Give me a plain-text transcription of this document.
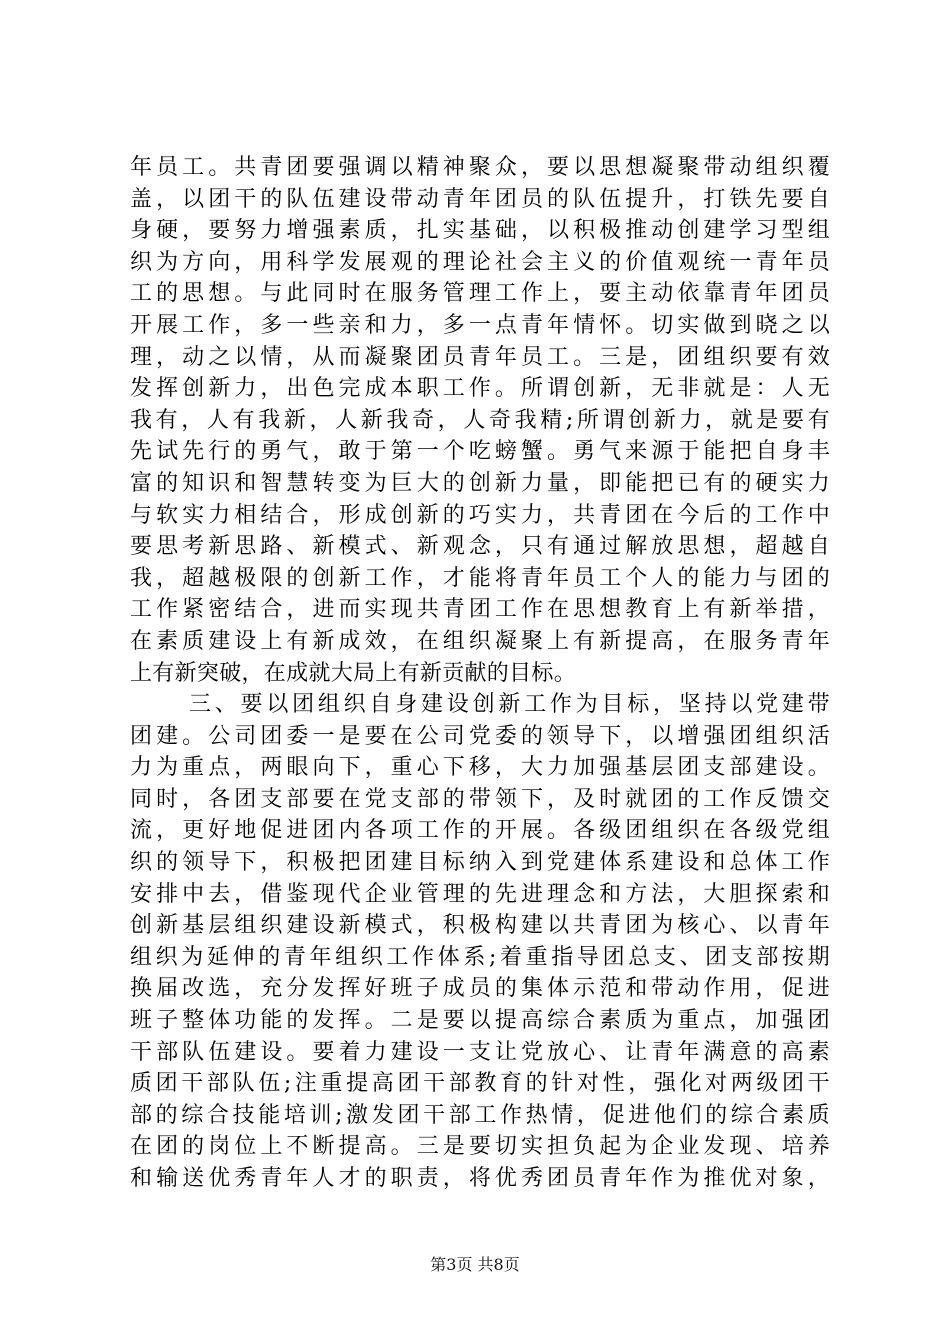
年员工。共青团要强调以精神聚众，要以思想凝聚带动组织覆
盖，以团干的队伍建设带动青年团员的队伍提升，打铁先要自
身硬，要努力增强素质，扎实基础，以积极推动创建学习型组
织为方向，用科学发展观的理论社会主义的价值观统一青年员
工的思想。与此同时在服务管理工作上，要主动依靠青年团员
开展工作，多一些亲和力，多一点青年情怀。切实做到晓之以
理，动之以情，从而凝聚团员青年员工。三是，团组织要有效
发挥创新力，出色完成本职工作。所谓创新，无非就是：人无
我有，人有我新，人新我奇，人奇我精;所谓创新力，就是要有
先试先行的勇气，敢于第一个吃螃蟹。勇气来源于能把自身丰
富的知识和智慧转变为巨大的创新力量，即能把已有的硬实力
与软实力相结合，形成创新的巧实力，共青团在今后的工作中
要思考新思路、新模式、新观念，只有通过解放思想，超越自
我，超越极限的创新工作，才能将青年员工个人的能力与团的
工作紧密结合，进而实现共青团工作在思想教育上有新举措，
在素质建设上有新成效，在组织凝聚上有新提高，在服务青年
上有新突破，在成就大局上有新贡献的目标。
三、要以团组织自身建设创新工作为目标，坚持以党建带
团建。公司团委一是要在公司党委的领导下，以增强团组织活
力为重点，两眼向下，重心下移，大力加强基层团支部建设。
同时，各团支部要在党支部的带领下，及时就团的工作反馈交
流，更好地促进团内各项工作的开展。各级团组织在各级党组
织的领导下，积极把团建目标纳入到党建体系建设和总体工作
安排中去，借鉴现代企业管理的先进理念和方法，大胆探索和
创新基层组织建设新模式，积极构建以共青团为核心、以青年
组织为延伸的青年组织工作体系;着重指导团总支、团支部按期
换届改选，充分发挥好班子成员的集体示范和带动作用，促进
班子整体功能的发挥。二是要以提高综合素质为重点，加强团
干部队伍建设。要着力建设一支让党放心、让青年满意的高素
质团干部队伍;注重提高团干部教育的针对性，强化对两级团干
部的综合技能培训;激发团干部工作热情，促进他们的综合素质
在团的岗位上不断提高。三是要切实担负起为企业发现、培养
和输送优秀青年人才的职责，将优秀团员青年作为推优对象，
第3页 共8页
